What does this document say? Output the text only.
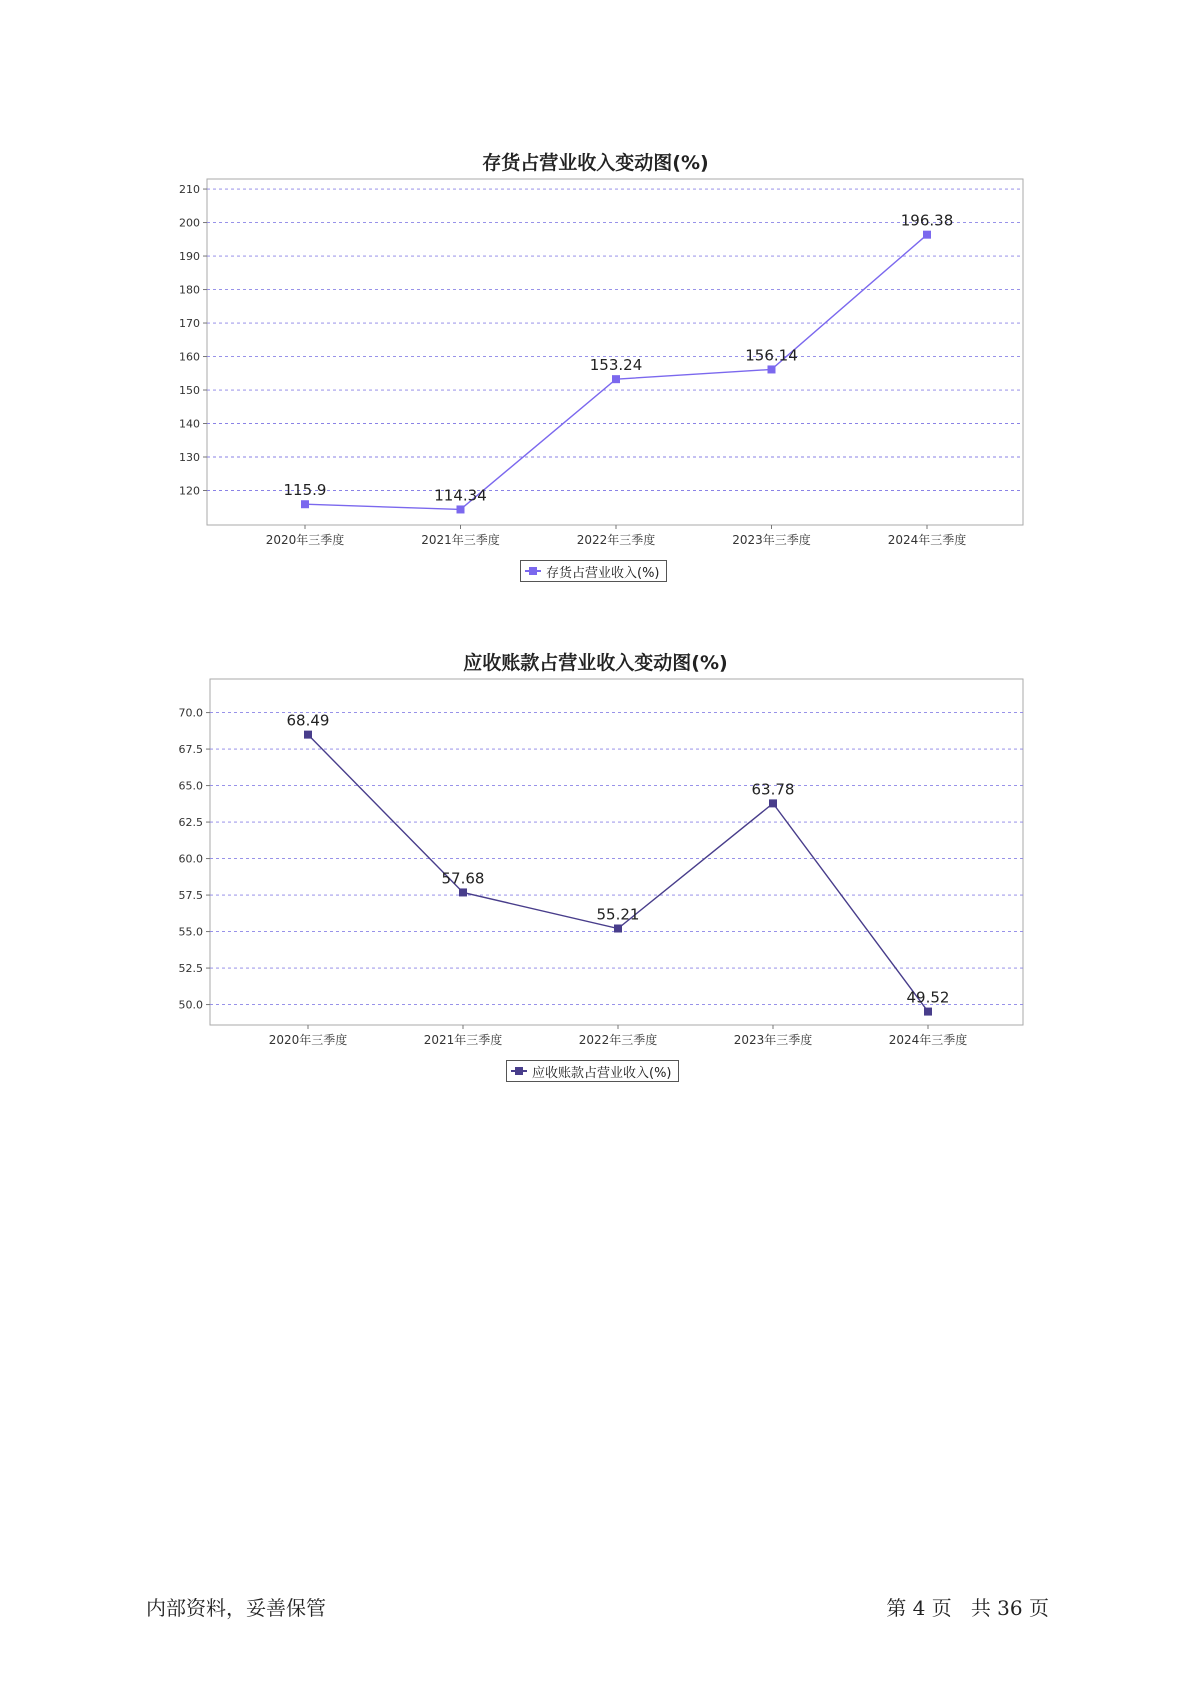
存货占营业收入变动图(%)
120
130
140
150
160
170
180
190
200
210
2020年三季度	2021年三季度	2022年三季度	2023年三季度	2024年三季度
115.9	114.34
153.24
156.14
196.38
存货占营业收入(%)
应收账款占营业收入变动图(%)
50.0
52.5
55.0
57.5
60.0
62.5
65.0
67.5
70.0
2020年三季度	2021年三季度	2022年三季度	2023年三季度	2024年三季度
68.49
57.68
55.21
63.78
49.52
应收账款占营业收入(%)
内部资料，妥善保管	第 4 页   共 36 页
